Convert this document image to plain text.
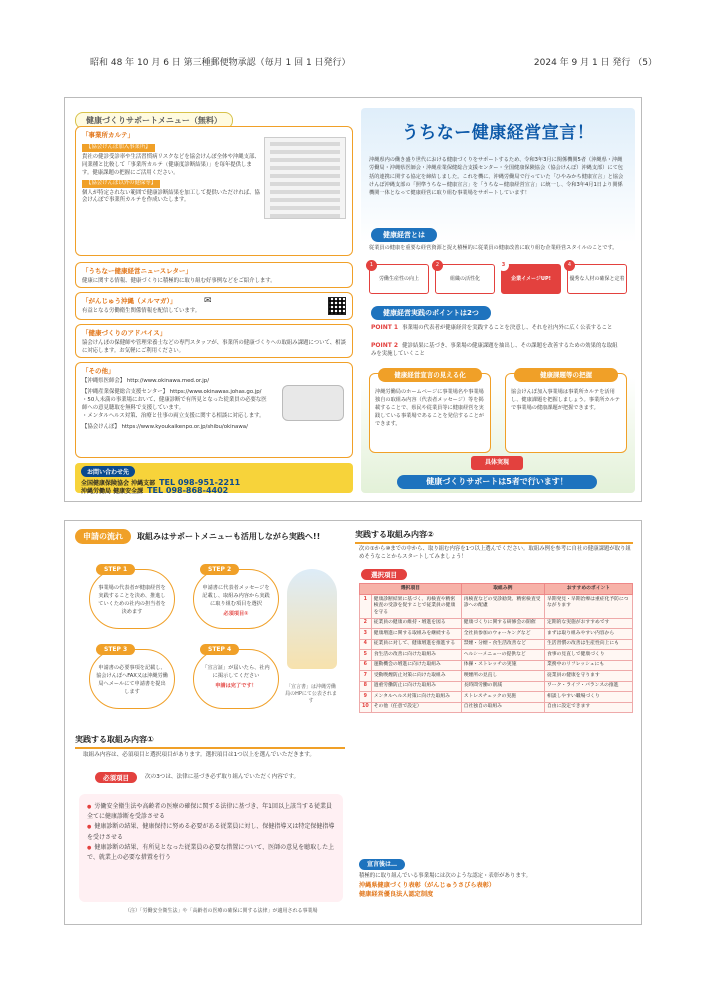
昭和 48 年 10 月 6 日 第三種郵便物承認（毎月 1 回 1 日発行）	2024 年 9 月 1 日 発行 （5）
健康づくりサポートメニュー（無料）
「事業所カルテ」
【協会けんぽ加入事業所】

貴社の健診受診率や生活習慣病リスクなどを協会けんぽ全体や沖縄支部、同業種と比較して「事業所カルテ（健康度診断結果）」を毎年提供します。健康課題の把握にご活用ください。

【協会けんぽ以外の健保等】

個人が特定されない範囲で健康診断結果を加工して提供いただければ、協会けんぽで事業所カルテを作成いたします。

「うちなー健康経営ニュースレター」

健康に関する情報、健康づくりに積極的に取り組む好事例などをご紹介します。

「がんじゅう沖縄（メルマガ）」

有益となる労働衛生関係情報を配信しています。

✉
「健康づくりのアドバイス」

協会けんぽの保健師や管理栄養士などの専門スタッフが、事業所の健康づくりへの取組み課題について、相談に対応します。お気軽にご利用ください。

「その他」

【沖縄県医師会】 http://www.okinawa.med.or.jp/

【沖縄産業保健総合支援センター】 https://www.okinawas.johas.go.jp/

・50人未満の事業場において、健康診断で有所見となった従業員の必要な医師への意見聴取を無料で支援しています。

・メンタルヘルス対策、治療と仕事の両立支援に関する相談に対応します。

【協会けんぽ】 https://www.kyoukaikenpo.or.jp/shibu/okinawa/

お問い合わせ先
全国健康保険協会 沖縄支部 TEL 098-951-2211
沖縄労働局 健康安全課 TEL 098-868-4402
うちなー健康経営宣言！

沖縄県内の働き盛り世代における健康づくりをサポートするため、令和3年3月に関係機関5者（沖縄県・沖縄労働局・沖縄県医師会・沖縄産業保健総合支援センター・全国健康保険協会（協会けんぽ）沖縄支部）にて包括的連携に関する協定を締結しました。これを機に、沖縄労働局で行っていた「ひやみかち健康宣言」と協会けんぽ沖縄支部の「照準うちなー健康宣言」を「うちなー健康経営宣言」に統一し、令和3年4月1日より関係機関一体となって健康経営に取り組む事業場をサポートしています！

健康経営とは

従業員の健康を重要な経営資源と捉え積極的に従業員の健康改善に取り組む企業経営スタイルのことです。

1
労働生産性の向上
2
組織の活性化
3
企業イメージUP!
4
優秀な人材の確保と定着
健康経営実践のポイントは2つ

POINT 1 事業場の代表者が健康経営を実践することを決意し、それを社内外に広く公表すること

POINT 2 健診結果に基づき、事業場の健康課題を抽出し、その課題を改善するための効果的な取組みを実施していくこと

健康経営宣言の見える化

沖縄労働局のホームページに事業場名や事業場独自の取組み内容（代表者メッセージ）等を掲載することで、県民や従業員等に健康経営を実践している事業場であることを発信することができます。

健康課題等の把握

協会けんぽ加入事業場は事業所カルテを活用し、健康課題を把握しましょう。事業所カルテで事業場の健康課題が把握できます。

具体実現
健康づくりサポートは5者で行います！
申請の流れ 取組みはサポートメニューも活用しながら実践へ!!
STEP 1
事業場の代表者が健康経営を実践することを決め、推進していくための社内の担当者を決めます
STEP 2
申請書に代表者メッセージを記載し、取組み内容から実践に取り組む項目を選択
必須項目①
STEP 3
申請書の必要事項を記載し、協会けんぽへFAX又は沖縄労働局へメールにて申請書を提出します
STEP 4
「宣言証」が届いたら、社内に掲示してください
申請は完了です！	「宣言書」は沖縄労働局のHPにて公表されます

実践する取組み内容①

取組み内容は、必須項目と選択項目があります。選択項目は1つ以上を選んでいただきます。

必須項目	次の3つは、法律に基づき必ず取り組んでいただく内容です。

● 労働安全衛生法や高齢者の医療の確保に関する法律に基づき、年1回以上該当する従業員全てに健康診断を受診させる
● 健康診断の結果、健康保持に努める必要がある従業員に対し、保健指導又は特定保健指導を受けさせる
● 健康診断の結果、有所見となった従業員の必要な措置について、医師の意見を聴取した上で、就業上の必要な措置を行う

（注）「労働安全衛生法」や「高齢者の医療の確保に関する法律」が適用される事業場

実践する取組み内容②

次の①から⑩までの中から、取り組む内容を1つ以上選んでください。取組み例を参考に自社の健康課題が取り組めそうなことからスタートしてみましょう！

選択項目
選択項目		取組み例	おすすめのポイント
1	健康診断結果に基づく、再検査や精密検査の受診を促すことで従業員の健康を守る	再検査などの受診勧奨、精密検査受診への配慮	早期発見・早期治療は重症化予防につながります
2	従業員の健康の維持・増進を図る	健康づくりに関する研修会の開催	定期的な実施がおすすめです
3	健康増進に関する取組みを継続する	全社員参加のウォーキングなど	まずは取り組みやすい内容から
4	従業員に対して、健康増進を推進する	禁煙・分煙・食生活改善など	生活習慣の改善は生産性向上にも
5	食生活の改善に向けた取組み	ヘルシーメニューの提供など	食事の見直しで健康づくり
6	運動機会の増進に向けた取組み	体操・ストレッチの実施	業務中のリフレッシュにも
7	受動喫煙防止対策に向けた取組み	喫煙所の見直し	従業員の健康を守ります
8	過重労働防止に向けた取組み	長時間労働の削減	ワーク・ライフ・バランスの推進
9	メンタルヘルス対策に向けた取組み	ストレスチェックの実施	相談しやすい職場づくり
10	その他（任意で設定）	自社独自の取組み	自由に設定できます
宣言後は…

積極的に取り組んでいる事業場には次のような認定・表彰があります。

沖縄県健康づくり表彰（がんじゅうさびら表彰）

健康経営優良法人認定制度
